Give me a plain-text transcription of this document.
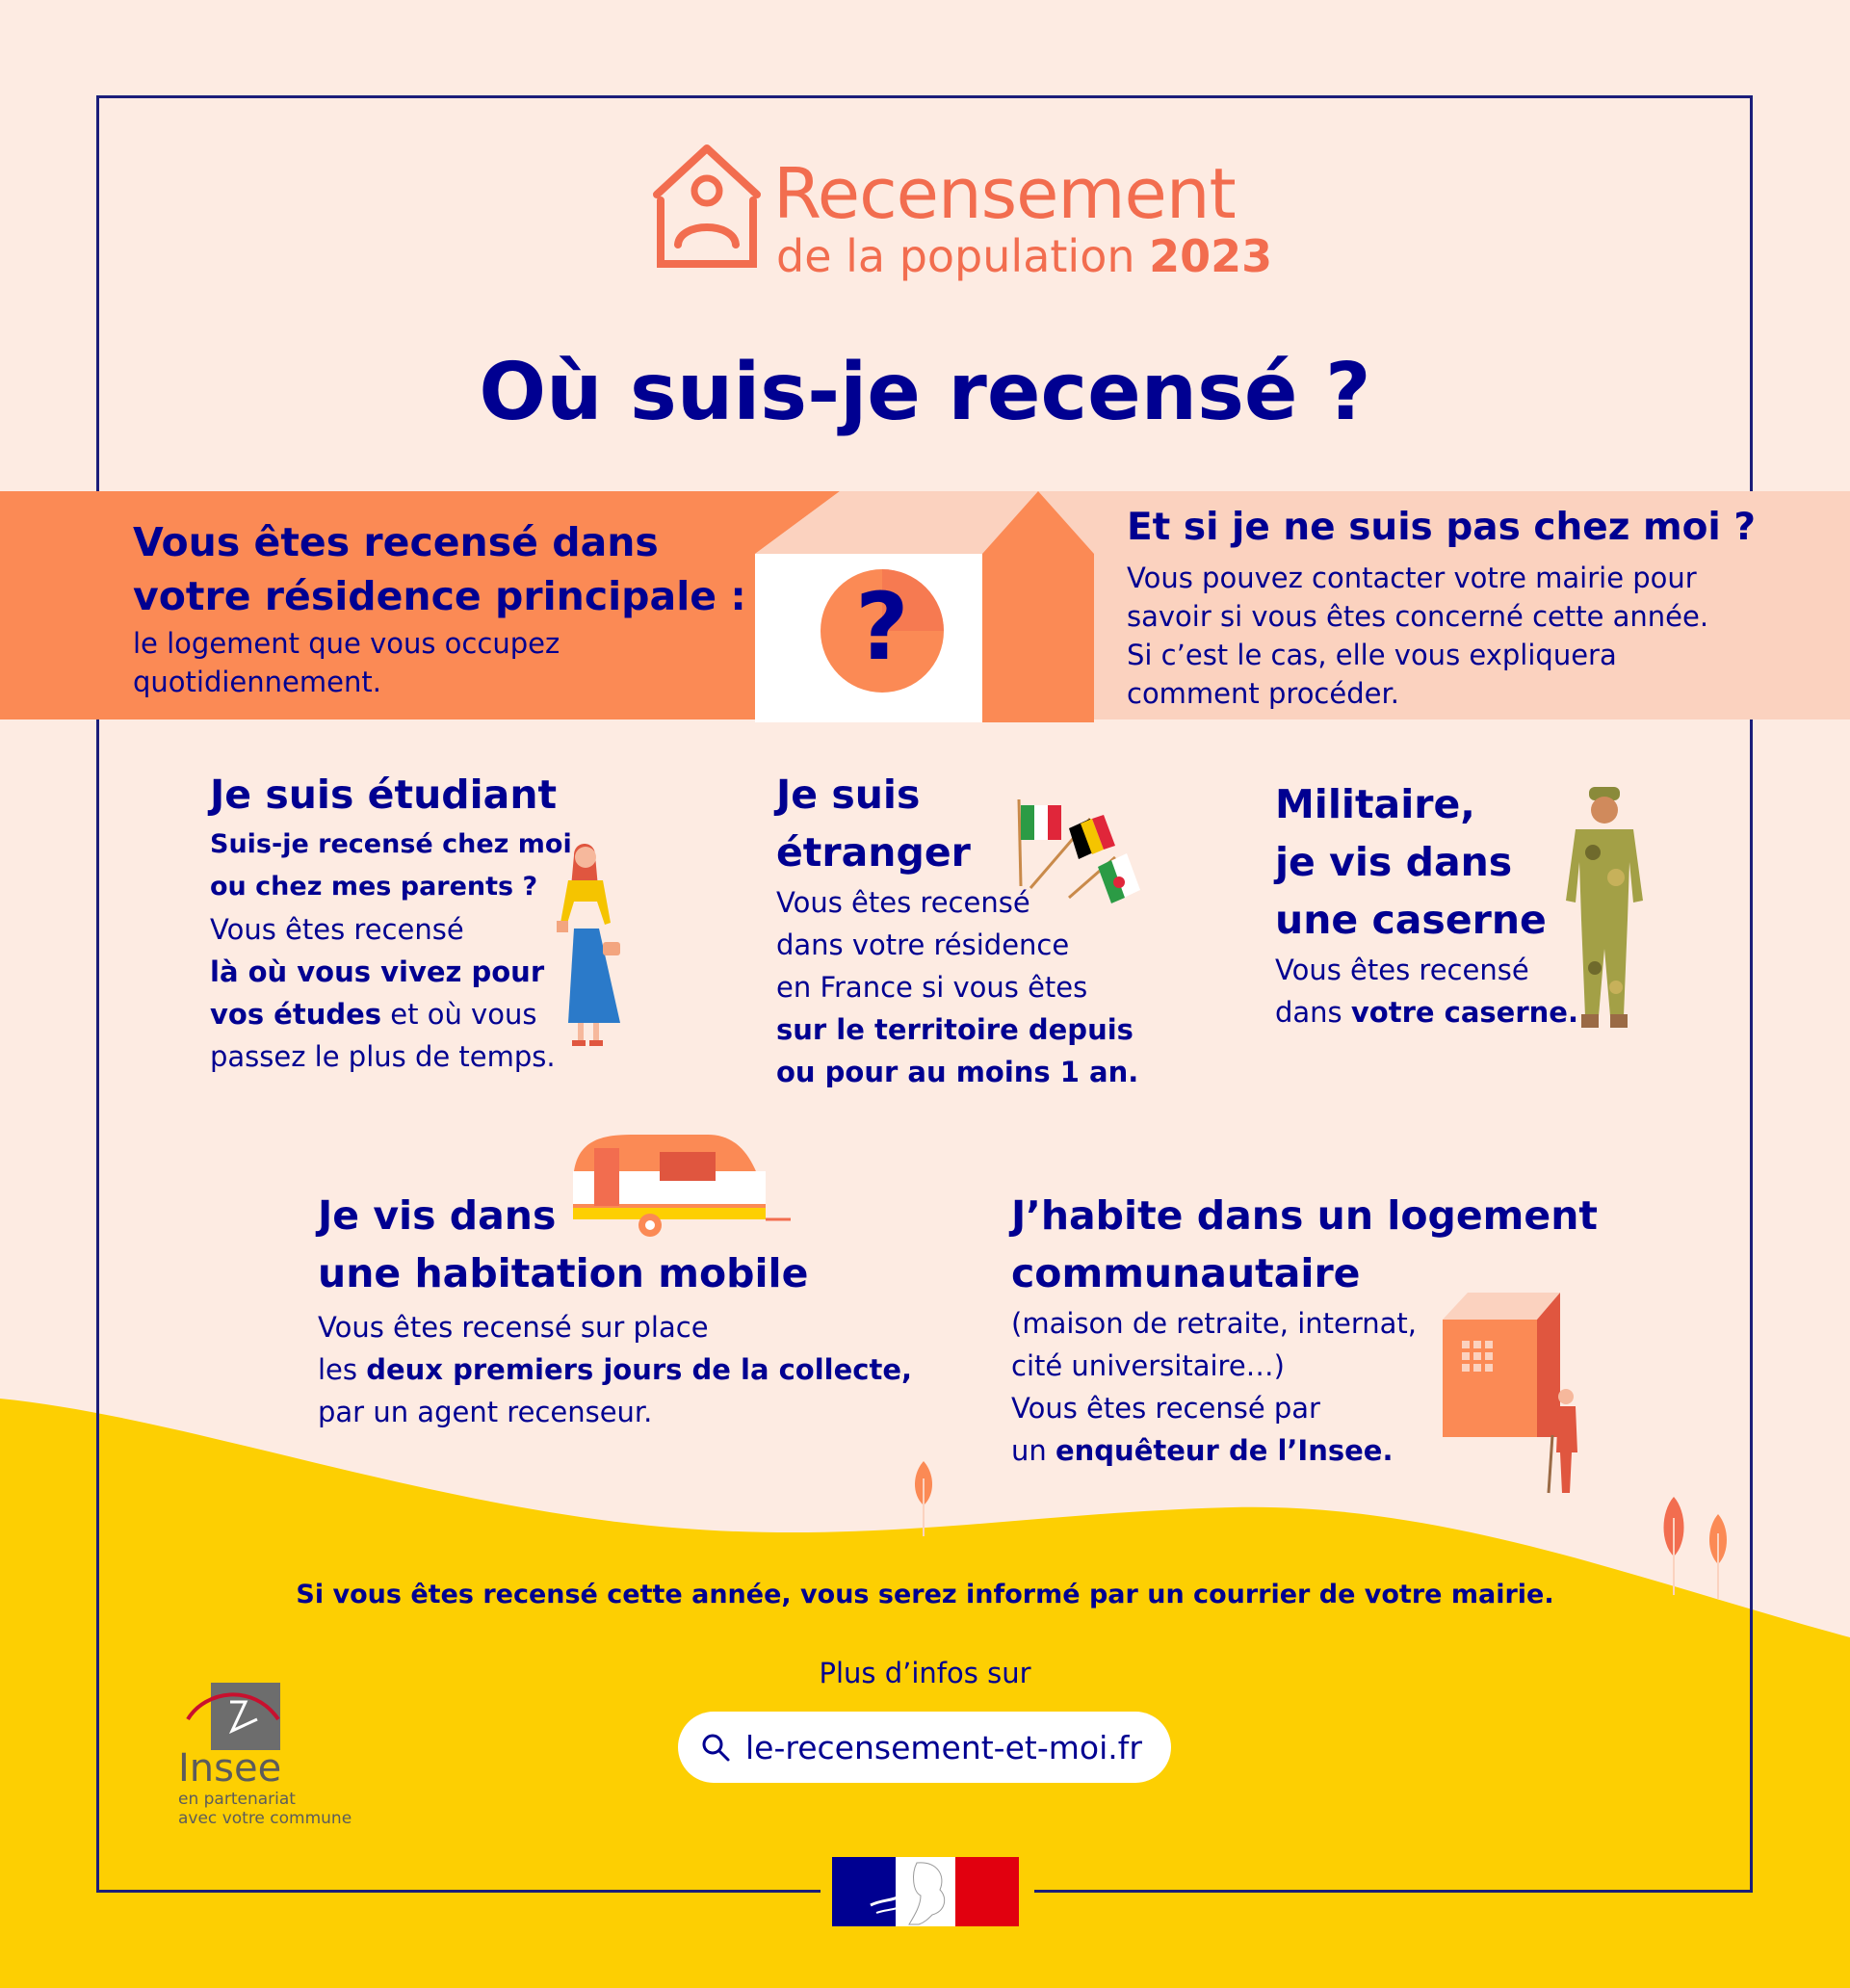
Recensement
de la population 2023
Où suis-je recensé ?
?
Vous êtes recensé dans
votre résidence principale :
le logement que vous occupez
quotidiennement.
Et si je ne suis pas chez moi ?
Vous pouvez contacter votre mairie pour
savoir si vous êtes concerné cette année.
Si c’est le cas, elle vous expliquera
comment procéder.
Je suis étudiant
Suis-je recensé chez moi
ou chez mes parents ?
Vous êtes recensé
là où vous vivez pour
vos études et où vous
passez le plus de temps.
Je suis
étranger
Vous êtes recensé
dans votre résidence
en France si vous êtes
sur le territoire depuis
ou pour au moins 1 an.
Militaire,
je vis dans
une caserne
Vous êtes recensé
dans votre caserne.
Je vis dans
une habitation mobile
Vous êtes recensé sur place
les deux premiers jours de la collecte,
par un agent recenseur.
J’habite dans un logement
communautaire
(maison de retraite, internat,
cité universitaire…)
Vous êtes recensé par
un enquêteur de l’Insee.
Si vous êtes recensé cette année, vous serez informé par un courrier de votre mairie.
Plus d’infos sur
le-recensement-et-moi.fr
Insee
en partenariat
avec votre commune
